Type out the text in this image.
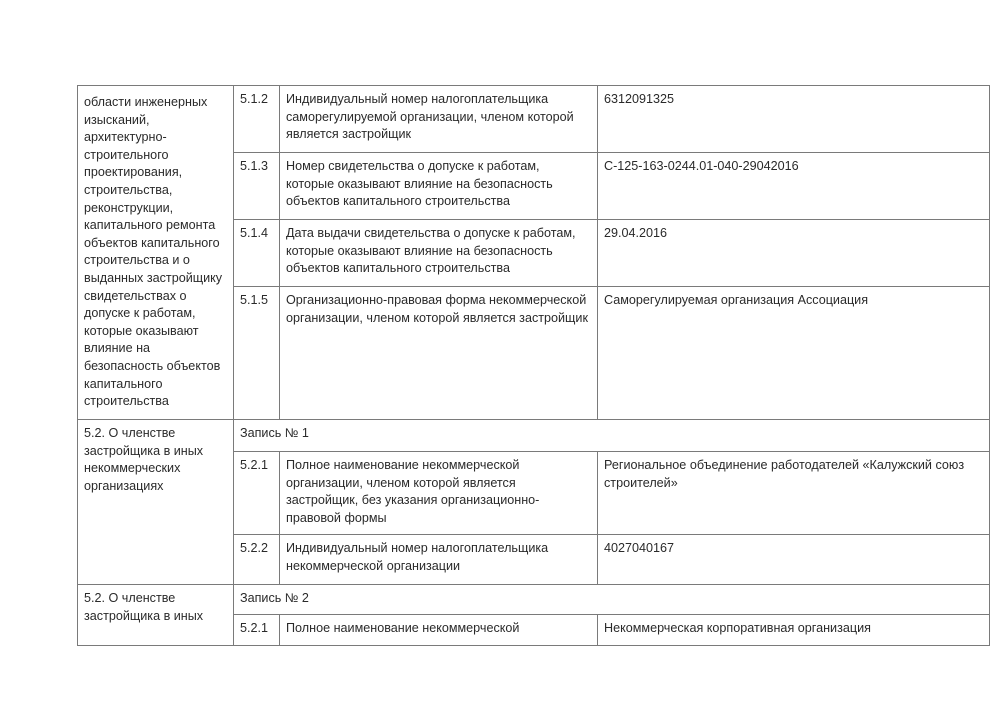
области инженерных изысканий, архитектурно-строительного проектирования, строительства, реконструкции, капитального ремонта объектов капитального строительства и о выданных застройщику свидетельствах о допуске к работам, которые оказывают влияние на безопасность объектов капитального строительства	5.1.2	Индивидуальный номер налогоплательщика саморегулируемой организации, членом которой является застройщик	6312091325
	5.1.3	Номер свидетельства о допуске к работам, которые оказывают влияние на безопасность объектов капитального строительства	С-125-163-0244.01-040-29042016
	5.1.4	Дата выдачи свидетельства о допуске к работам, которые оказывают влияние на безопасность объектов капитального строительства	29.04.2016
	5.1.5	Организационно-правовая форма некоммерческой организации, членом которой является застройщик	Саморегулируемая организация Ассоциация
5.2. О членстве застройщика в иных некоммерческих организациях	Запись № 1		
	5.2.1	Полное наименование некоммерческой организации, членом которой является застройщик, без указания организационно-правовой формы	Региональное объединение работодателей «Калужский союз строителей»
	5.2.2	Индивидуальный номер налогоплательщика некоммерческой организации	4027040167
5.2. О членстве застройщика в иных	Запись № 2		
	5.2.1	Полное наименование некоммерческой	Некоммерческая корпоративная организация
